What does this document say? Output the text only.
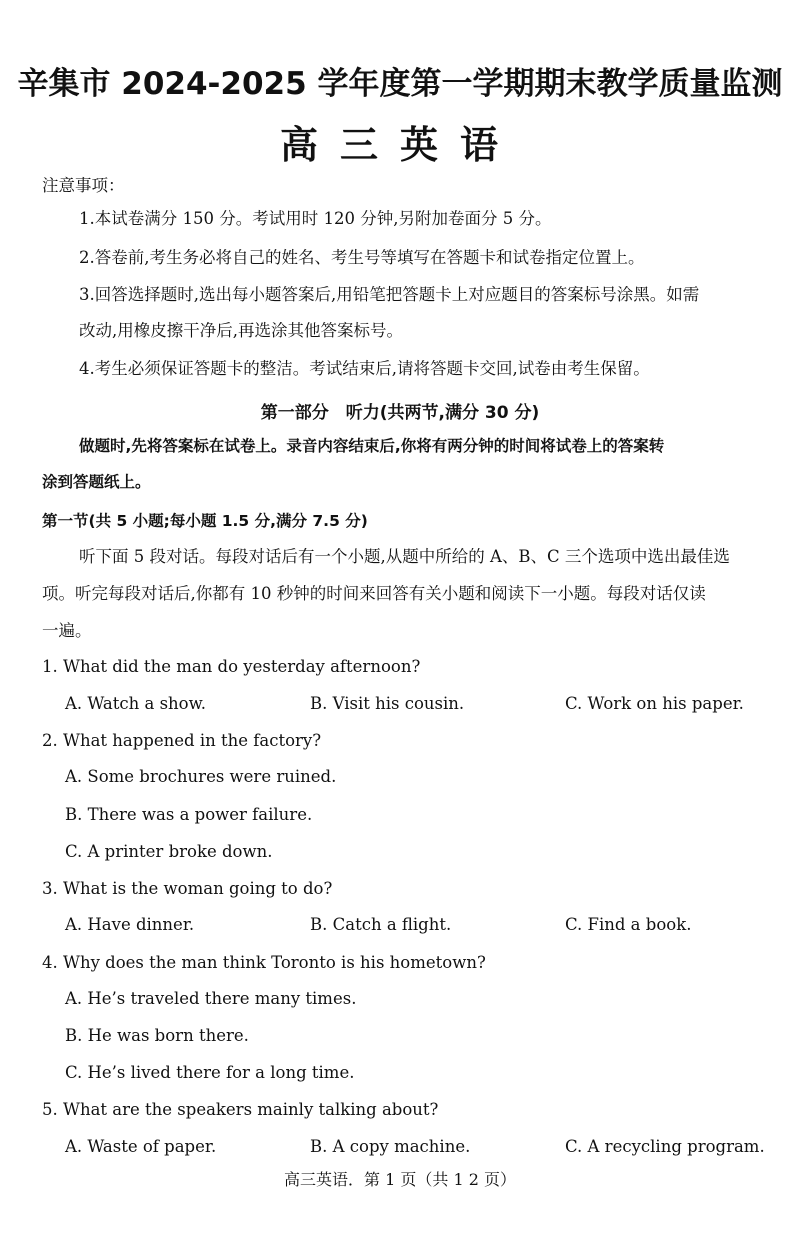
辛集市 2024-2025 学年度第一学期期末教学质量监测
高三英语
注意事项：
1.本试卷满分 150 分。考试用时 120 分钟,另附加卷面分 5 分。
2.答卷前,考生务必将自己的姓名、考生号等填写在答题卡和试卷指定位置上。
3.回答选择题时,选出每小题答案后,用铅笔把答题卡上对应题目的答案标号涂黑。如需
改动,用橡皮擦干净后,再选涂其他答案标号。
4.考生必须保证答题卡的整洁。考试结束后,请将答题卡交回,试卷由考生保留。
第一部分　听力(共两节,满分 30 分)
做题时,先将答案标在试卷上。录音内容结束后,你将有两分钟的时间将试卷上的答案转
涂到答题纸上。
第一节(共 5 小题;每小题 1.5 分,满分 7.5 分)
听下面 5 段对话。每段对话后有一个小题,从题中所给的 A、B、C 三个选项中选出最佳选
项。听完每段对话后,你都有 10 秒钟的时间来回答有关小题和阅读下一小题。每段对话仅读
一遍。
1. What did the man do yesterday afternoon?
A. Watch a show.	B. Visit his cousin.	C. Work on his paper.
2. What happened in the factory?
A. Some brochures were ruined.
B. There was a power failure.
C. A printer broke down.
3. What is the woman going to do?
A. Have dinner.	B. Catch a flight.	C. Find a book.
4. Why does the man think Toronto is his hometown?
A. He’s traveled there many times.
B. He was born there.
C. He’s lived there for a long time.
5. What are the speakers mainly talking about?
A. Waste of paper.	B. A copy machine.	C. A recycling program.
高三英语．第 1 页（共 1 2 页）
